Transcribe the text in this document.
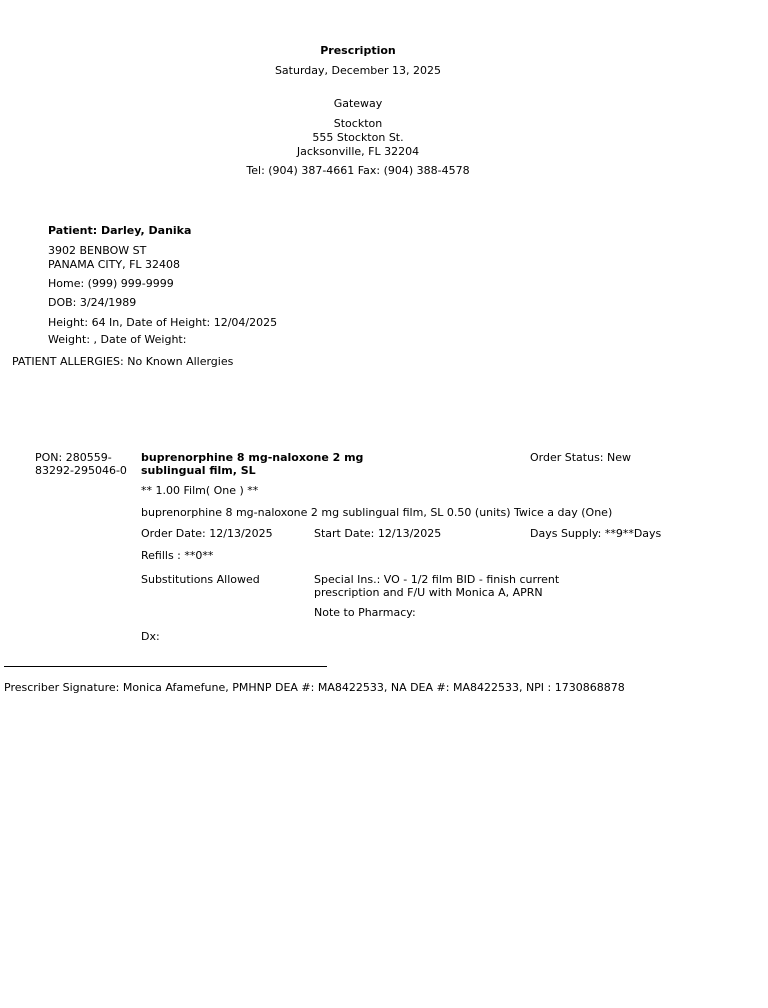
Prescription
Saturday, December 13, 2025
Gateway
Stockton
555 Stockton St.
Jacksonville, FL 32204
Tel: (904) 387-4661 Fax: (904) 388-4578
Patient: Darley, Danika
3902 BENBOW ST
PANAMA CITY, FL 32408
Home: (999) 999-9999
DOB: 3/24/1989
Height: 64 In, Date of Height: 12/04/2025
Weight: , Date of Weight:
PATIENT ALLERGIES: No Known Allergies
PON: 280559-
83292-295046-0
buprenorphine 8 mg-naloxone 2 mg
sublingual film, SL
Order Status: New
** 1.00 Film( One ) **
buprenorphine 8 mg-naloxone 2 mg sublingual film, SL 0.50 (units) Twice a day (One)
Order Date: 12/13/2025	Start Date: 12/13/2025	Days Supply: **9**Days
Refills : **0**
Substitutions Allowed	Special Ins.: VO - 1/2 film BID - finish current
prescription and F/U with Monica A, APRN
Note to Pharmacy:
Dx:
Prescriber Signature: Monica Afamefune, PMHNP DEA #: MA8422533, NA DEA #: MA8422533, NPI : 1730868878
